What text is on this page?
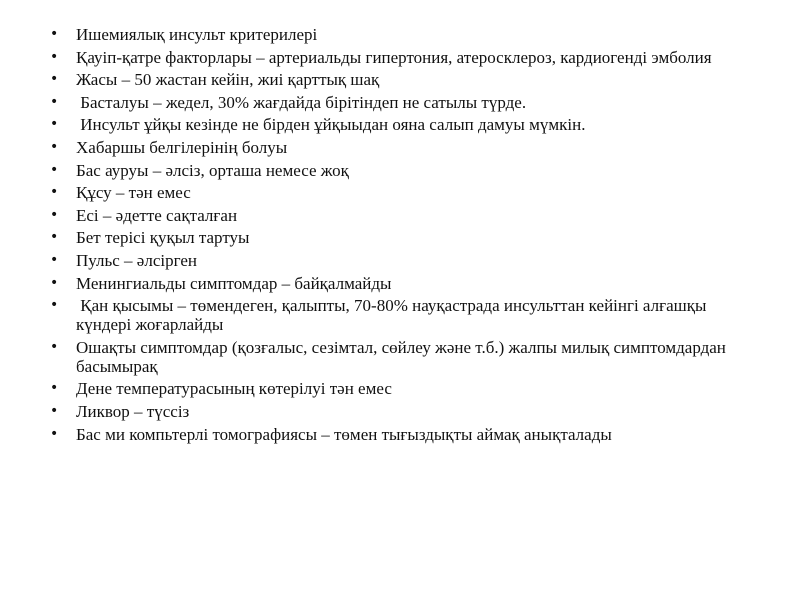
•	Ишемиялық инсульт критерилері
•	Қауіп-қатре факторлары – артериальды гипертония, атеросклероз, кардиогенді эмболия
•	Жасы – 50 жастан кейін, жиі қарттық шақ
•	Басталуы – жедел, 30% жағдайда бірітіндеп не сатылы түрде.
•	Инсульт ұйқы кезінде не бірден ұйқыыдан ояна салып дамуы мүмкін.
•	Хабаршы белгілерінің болуы
•	Бас ауруы – әлсіз, орташа немесе жоқ
•	Құсу – тән емес
•	Есі – әдетте сақталған
•	Бет терісі қуқыл тартуы
•	Пульс – әлсірген
•	Менингиальды симптомдар – байқалмайды
•	Қан қысымы – төмендеген, қалыпты, 70-80% науқастрада инсульттан кейінгі алғашқы күндері жоғарлайды
•	Ошақты симптомдар (қозғалыс, сезімтал, сөйлеу және т.б.) жалпы милық симптомдардан басымырақ
•	Дене температурасының көтерілуі тән емес
•	Ликвор – түссіз
•	Бас ми компьтерлі томографиясы – төмен тығыздықты аймақ анықталады
